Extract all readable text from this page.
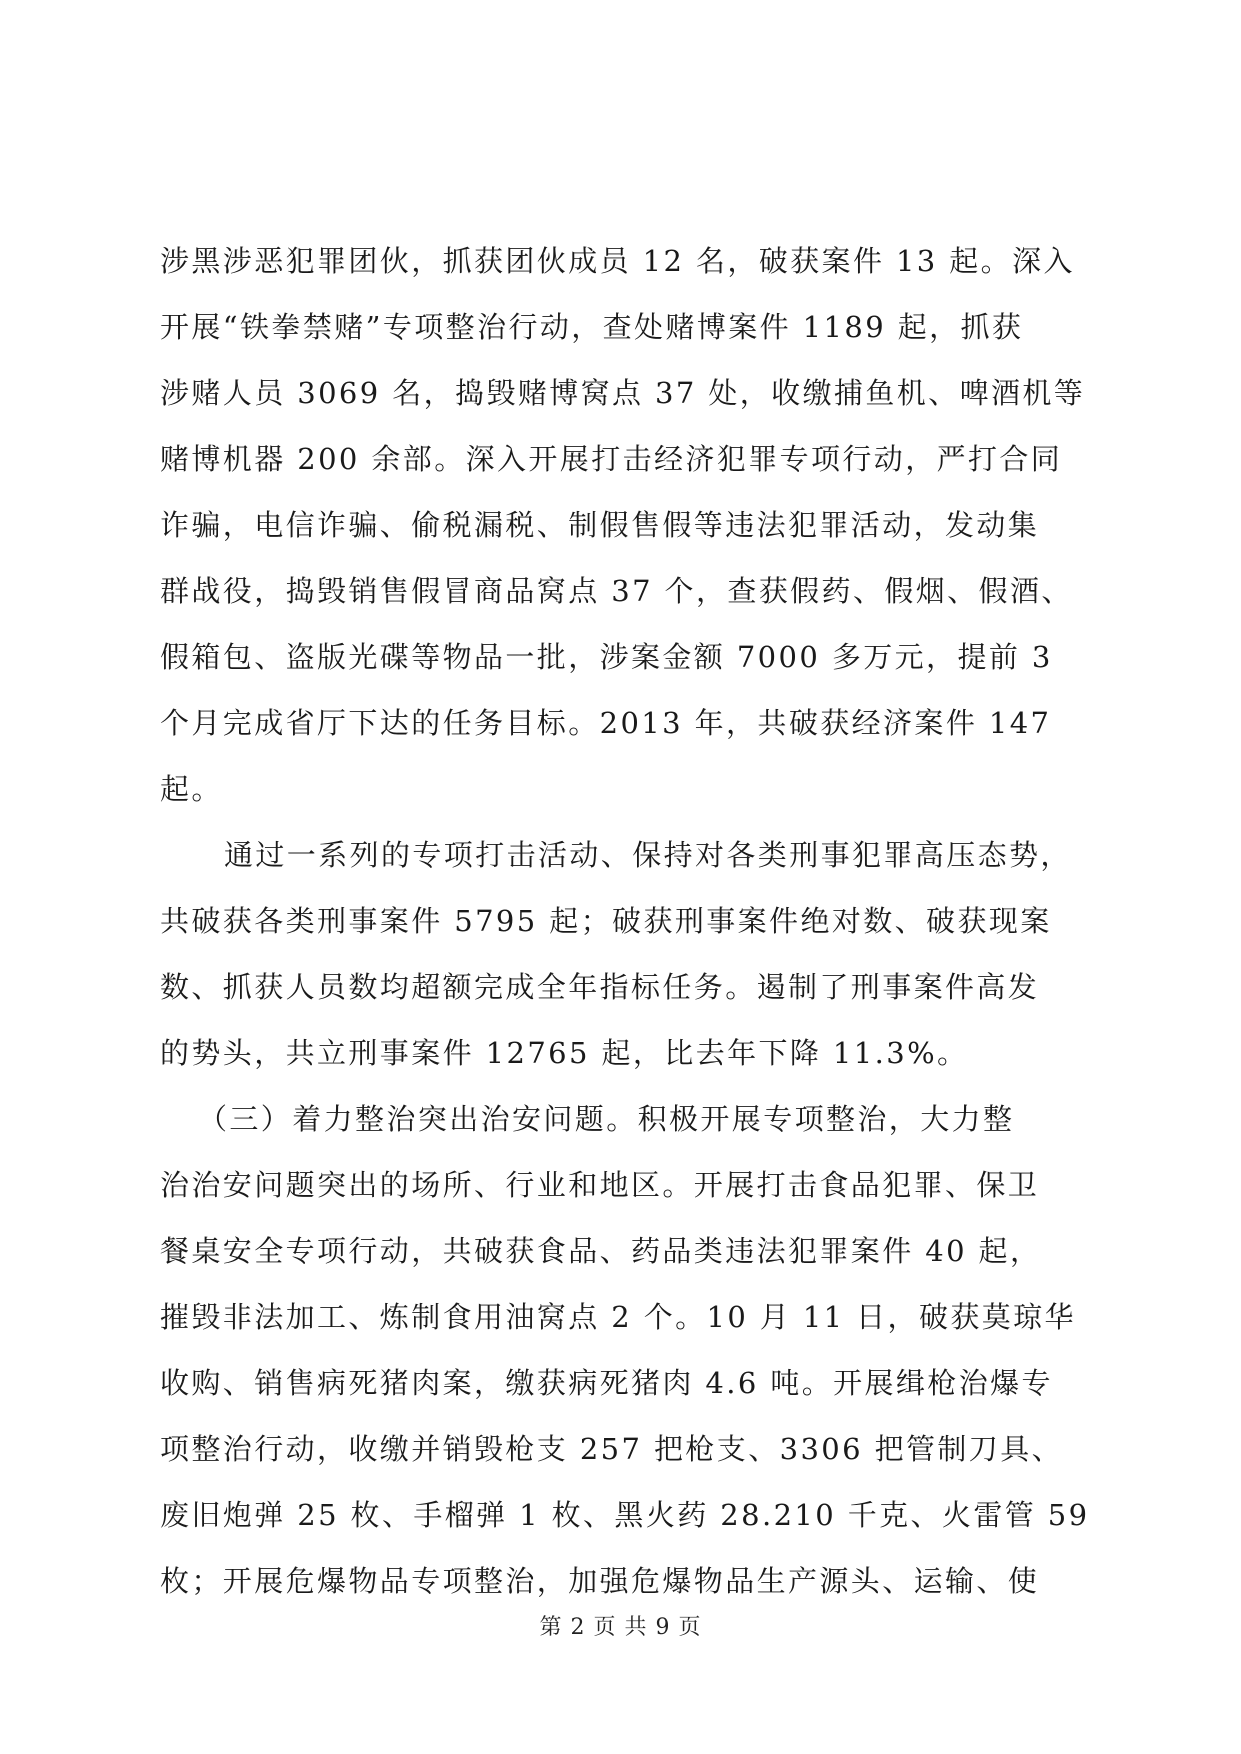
涉黑涉恶犯罪团伙，抓获团伙成员 12 名，破获案件 13 起。深入
开展“铁拳禁赌”专项整治行动，查处赌博案件 1189 起，抓获
涉赌人员 3069 名，捣毁赌博窝点 37 处，收缴捕鱼机、啤酒机等
赌博机器 200 余部。深入开展打击经济犯罪专项行动，严打合同
诈骗，电信诈骗、偷税漏税、制假售假等违法犯罪活动，发动集
群战役，捣毁销售假冒商品窝点 37 个，查获假药、假烟、假酒、
假箱包、盗版光碟等物品一批，涉案金额 7000 多万元，提前 3
个月完成省厅下达的任务目标。2013 年，共破获经济案件 147
起。
通过一系列的专项打击活动、保持对各类刑事犯罪高压态势，
共破获各类刑事案件 5795 起；破获刑事案件绝对数、破获现案
数、抓获人员数均超额完成全年指标任务。遏制了刑事案件高发
的势头，共立刑事案件 12765 起，比去年下降 11.3%。
（三）着力整治突出治安问题。积极开展专项整治，大力整
治治安问题突出的场所、行业和地区。开展打击食品犯罪、保卫
餐桌安全专项行动，共破获食品、药品类违法犯罪案件 40 起，
摧毁非法加工、炼制食用油窝点 2 个。10 月 11 日，破获莫琼华
收购、销售病死猪肉案，缴获病死猪肉 4.6 吨。开展缉枪治爆专
项整治行动，收缴并销毁枪支 257 把枪支、3306 把管制刀具、
废旧炮弹 25 枚、手榴弹 1 枚、黑火药 28.210 千克、火雷管 59
枚；开展危爆物品专项整治，加强危爆物品生产源头、运输、使
第 2 页 共 9 页
